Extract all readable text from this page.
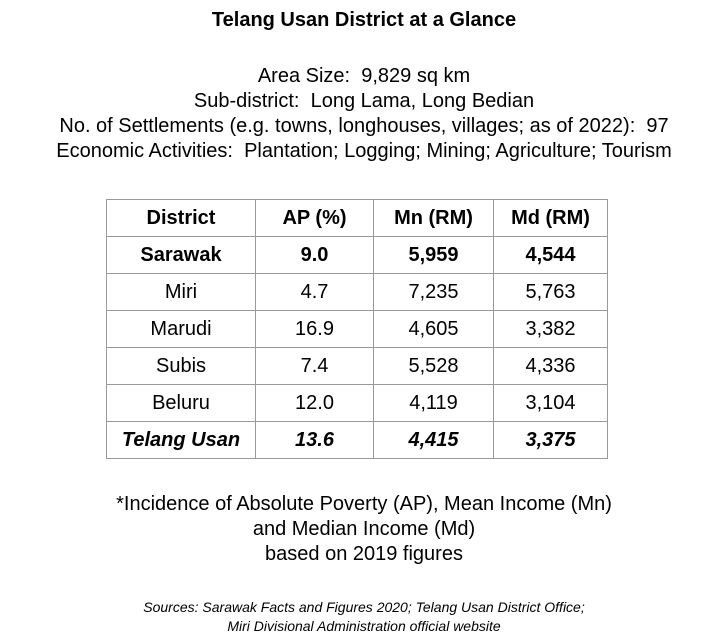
Telang Usan District at a Glance
Area Size:  9,829 sq km
Sub-district:  Long Lama, Long Bedian
No. of Settlements (e.g. towns, longhouses, villages; as of 2022):  97
Economic Activities:  Plantation; Logging; Mining; Agriculture; Tourism
District	AP (%)	Mn (RM)	Md (RM)
Sarawak	9.0	5,959	4,544
Miri	4.7	7,235	5,763
Marudi	16.9	4,605	3,382
Subis	7.4	5,528	4,336
Beluru	12.0	4,119	3,104
Telang Usan	13.6	4,415	3,375
*Incidence of Absolute Poverty (AP), Mean Income (Mn)
and Median Income (Md)
based on 2019 figures
Sources: Sarawak Facts and Figures 2020; Telang Usan District Office;
Miri Divisional Administration official website
